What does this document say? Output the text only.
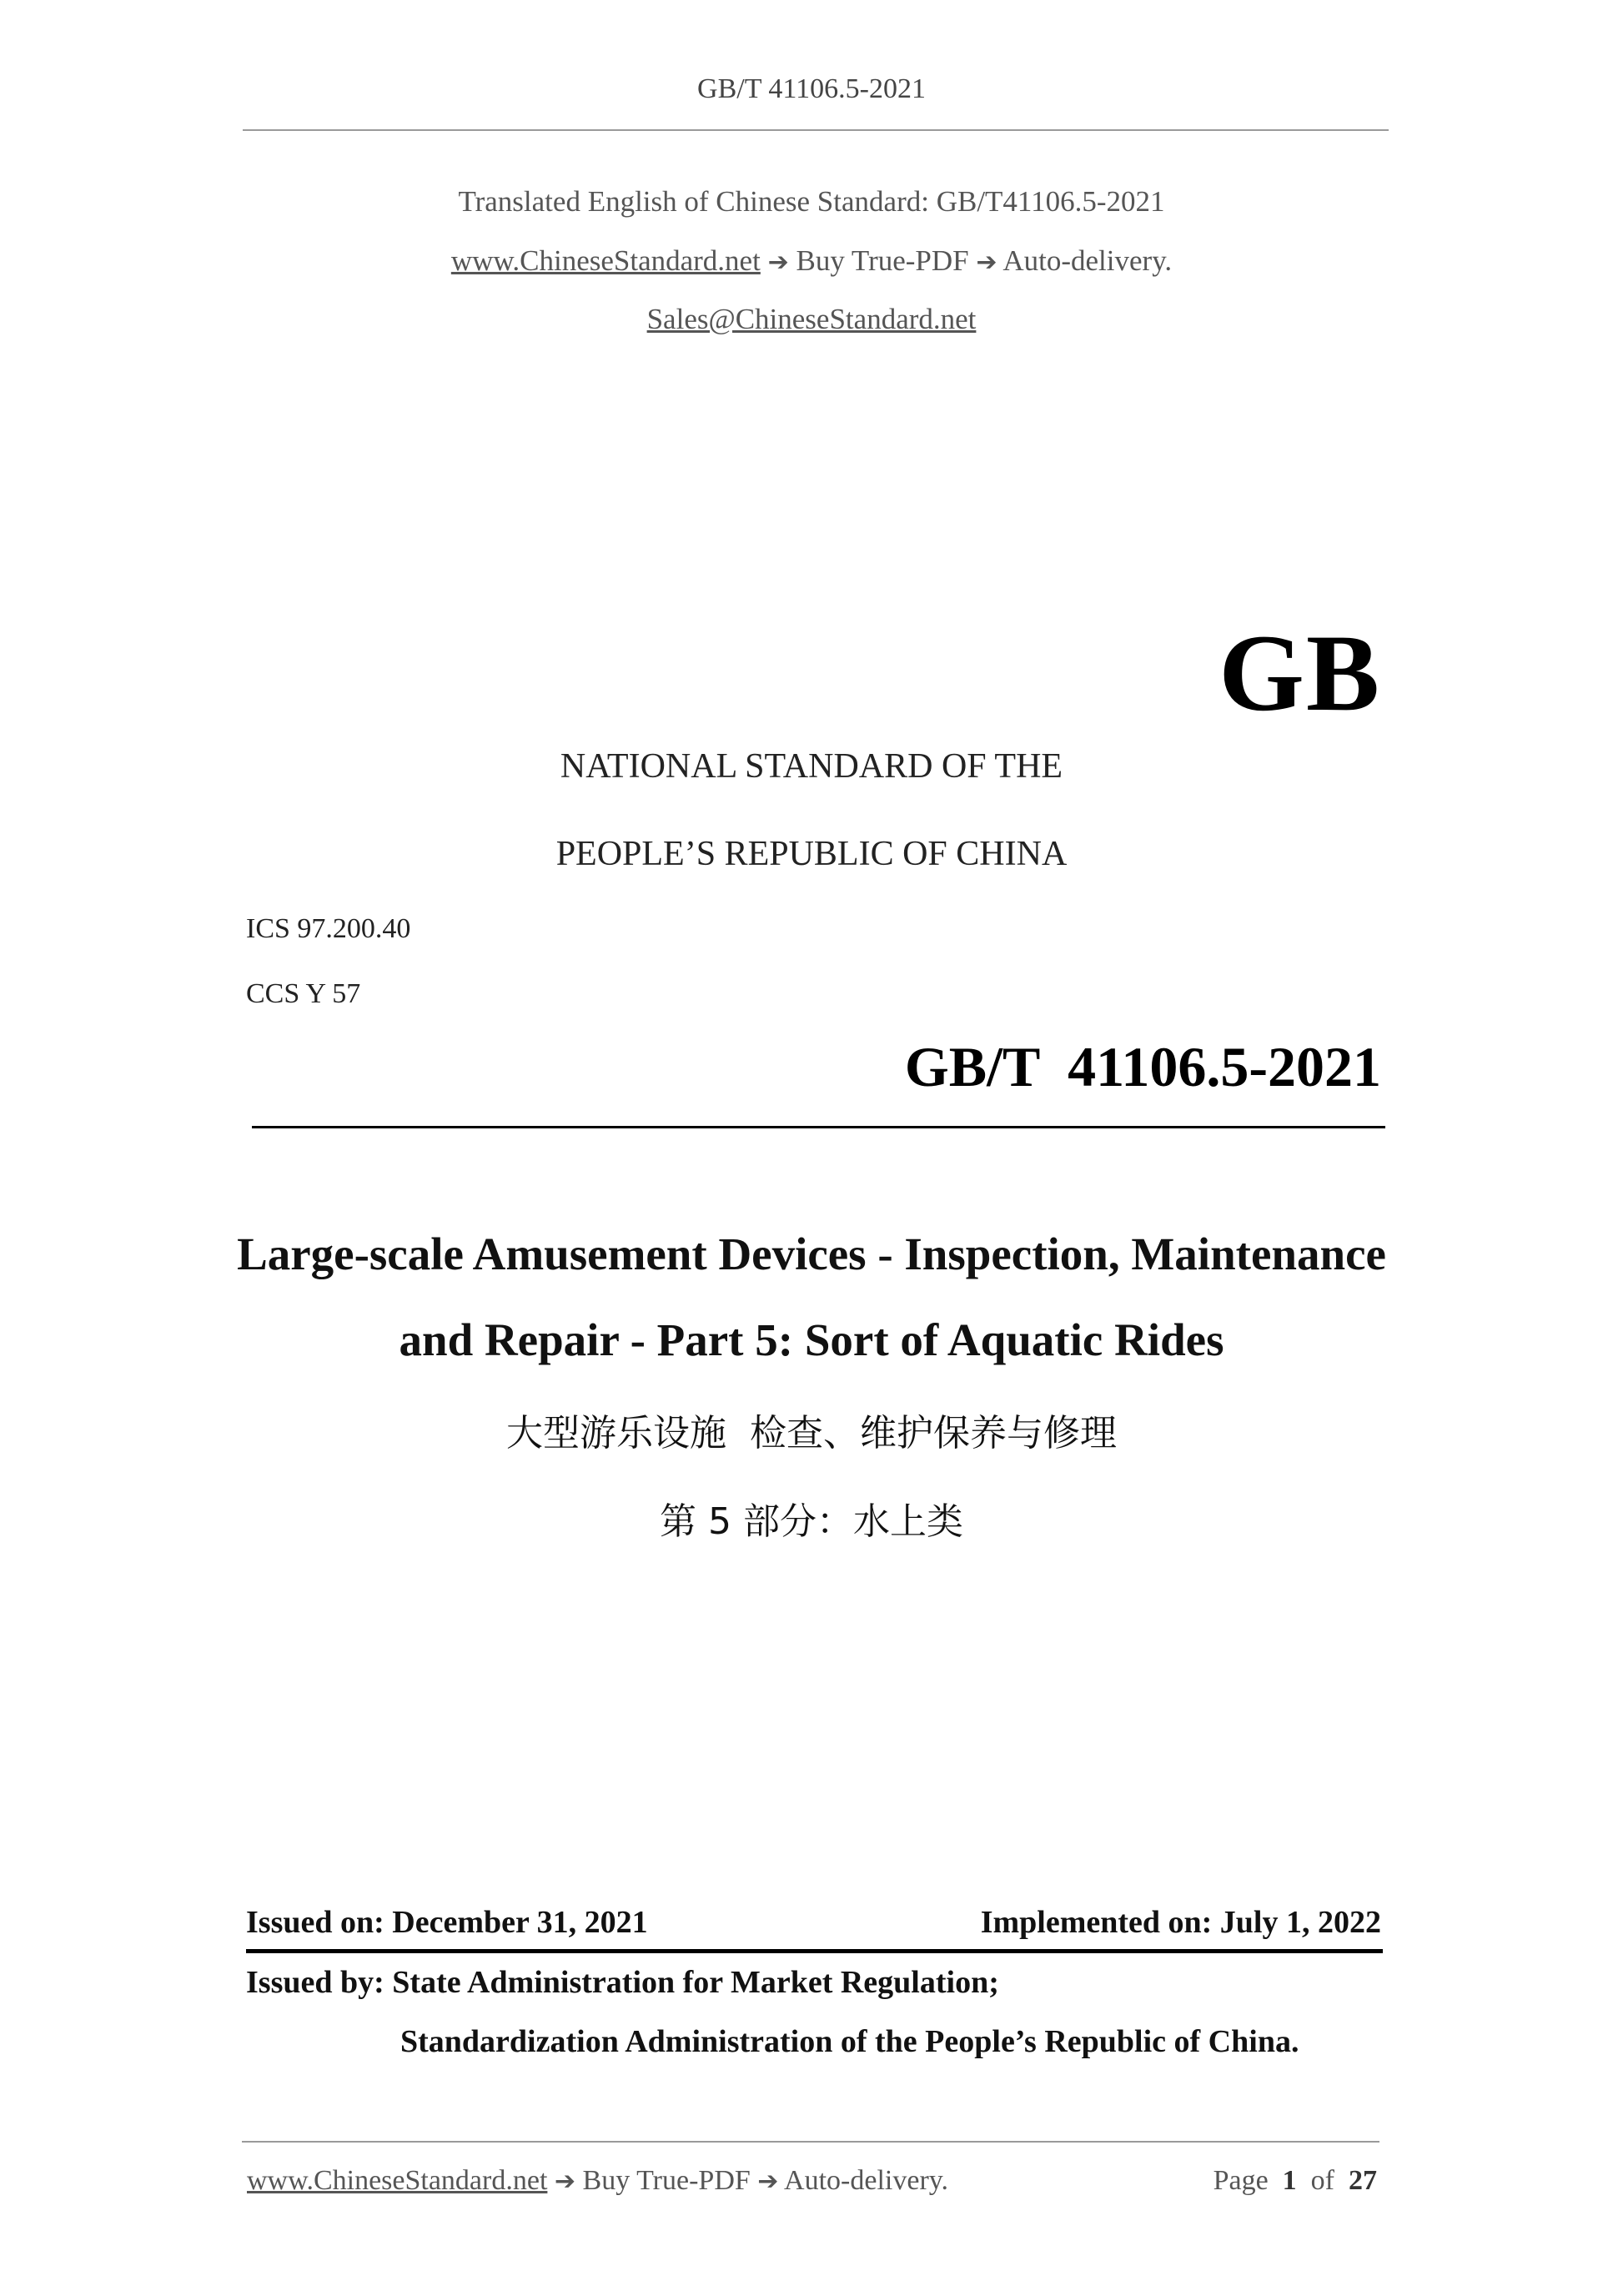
GB/T 41106.5-2021
Translated English of Chinese Standard: GB/T41106.5-2021
www.ChineseStandard.net ➔ Buy True-PDF ➔ Auto-delivery.
Sales@ChineseStandard.net
GB
NATIONAL STANDARD OF THE
PEOPLE’S REPUBLIC OF CHINA
ICS 97.200.40
CCS Y 57
GB/T  41106.5-2021
Large-scale Amusement Devices - Inspection, Maintenance
and Repair - Part 5: Sort of Aquatic Rides
大型游乐设施  检查、维护保养与修理
第 5 部分：水上类
Issued on: December 31, 2021	Implemented on: July 1, 2022
Issued by: State Administration for Market Regulation;
Standardization Administration of the People’s Republic of China.
www.ChineseStandard.net ➔ Buy True-PDF ➔ Auto-delivery.	Page 1 of 27
